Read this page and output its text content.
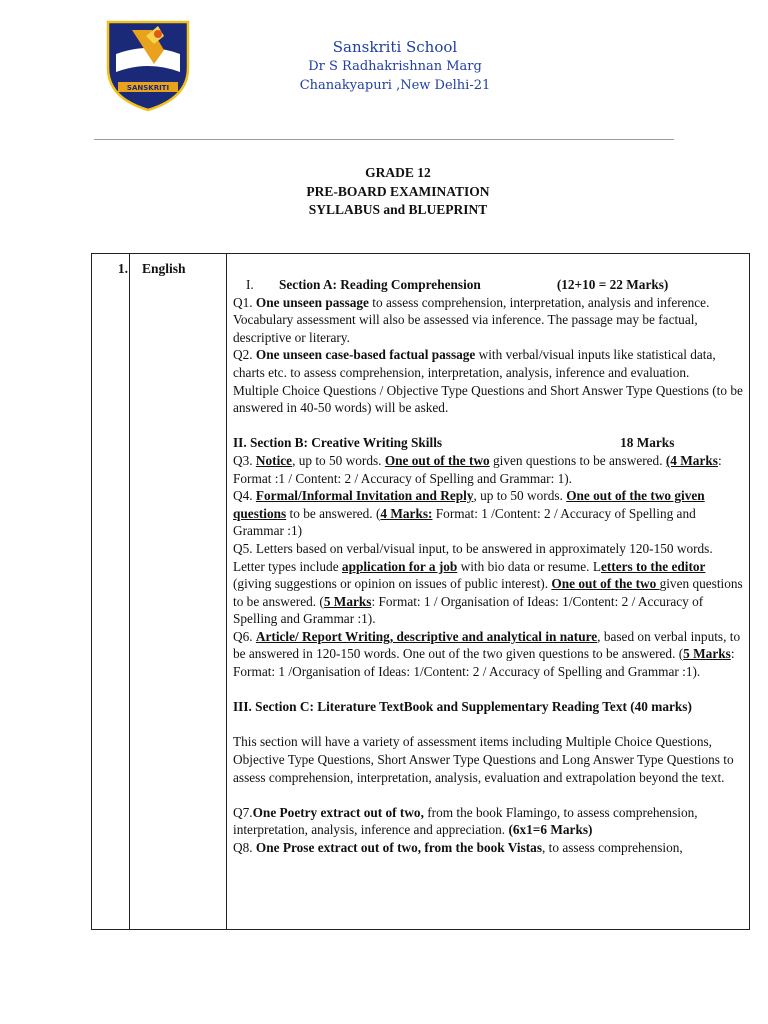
SANSKRITI
Sanskriti School
Dr S Radhakrishnan Marg
Chanakyapuri ,New Delhi-21
GRADE 12
PRE-BOARD EXAMINATION
SYLLABUS and BLUEPRINT
1.	English

I. Section A: Reading Comprehension	(12+10 = 22 Marks)

Q1. One unseen passage to assess comprehension, interpretation, analysis and inference. Vocabulary assessment will also be assessed via inference. The passage may be factual, descriptive or literary.

Q2. One unseen case-based factual passage with verbal/visual inputs like statistical data, charts etc. to assess comprehension, interpretation, analysis, inference and evaluation.

Multiple Choice Questions / Objective Type Questions and Short Answer Type Questions (to be answered in 40-50 words) will be asked.

II. Section B: Creative Writing Skills	18 Marks

Q3. Notice, up to 50 words. One out of the two given questions to be answered. (4 Marks: Format :1 / Content: 2 / Accuracy of Spelling and Grammar: 1).

Q4. Formal/Informal Invitation and Reply, up to 50 words. One out of the two given questions to be answered. (4 Marks: Format: 1 /Content: 2 / Accuracy of Spelling and Grammar :1)

Q5. Letters based on verbal/visual input, to be answered in approximately 120-150 words. Letter types include application for a job with bio data or resume. Letters to the editor (giving suggestions or opinion on issues of public interest). One out of the two given questions to be answered. (5 Marks: Format: 1 / Organisation of Ideas: 1/Content: 2 / Accuracy of Spelling and Grammar :1).

Q6. Article/ Report Writing, descriptive and analytical in nature, based on verbal inputs, to be answered in 120-150 words. One out of the two given questions to be answered. (5 Marks: Format: 1 /Organisation of Ideas: 1/Content: 2 / Accuracy of Spelling and Grammar :1).

III. Section C: Literature TextBook and Supplementary Reading Text (40 marks)

This section will have a variety of assessment items including Multiple Choice Questions, Objective Type Questions, Short Answer Type Questions and Long Answer Type Questions to assess comprehension, interpretation, analysis, evaluation and extrapolation beyond the text.

Q7.One Poetry extract out of two, from the book Flamingo, to assess comprehension, interpretation, analysis, inference and appreciation. (6x1=6 Marks)

Q8. One Prose extract out of two, from the book Vistas, to assess comprehension,
